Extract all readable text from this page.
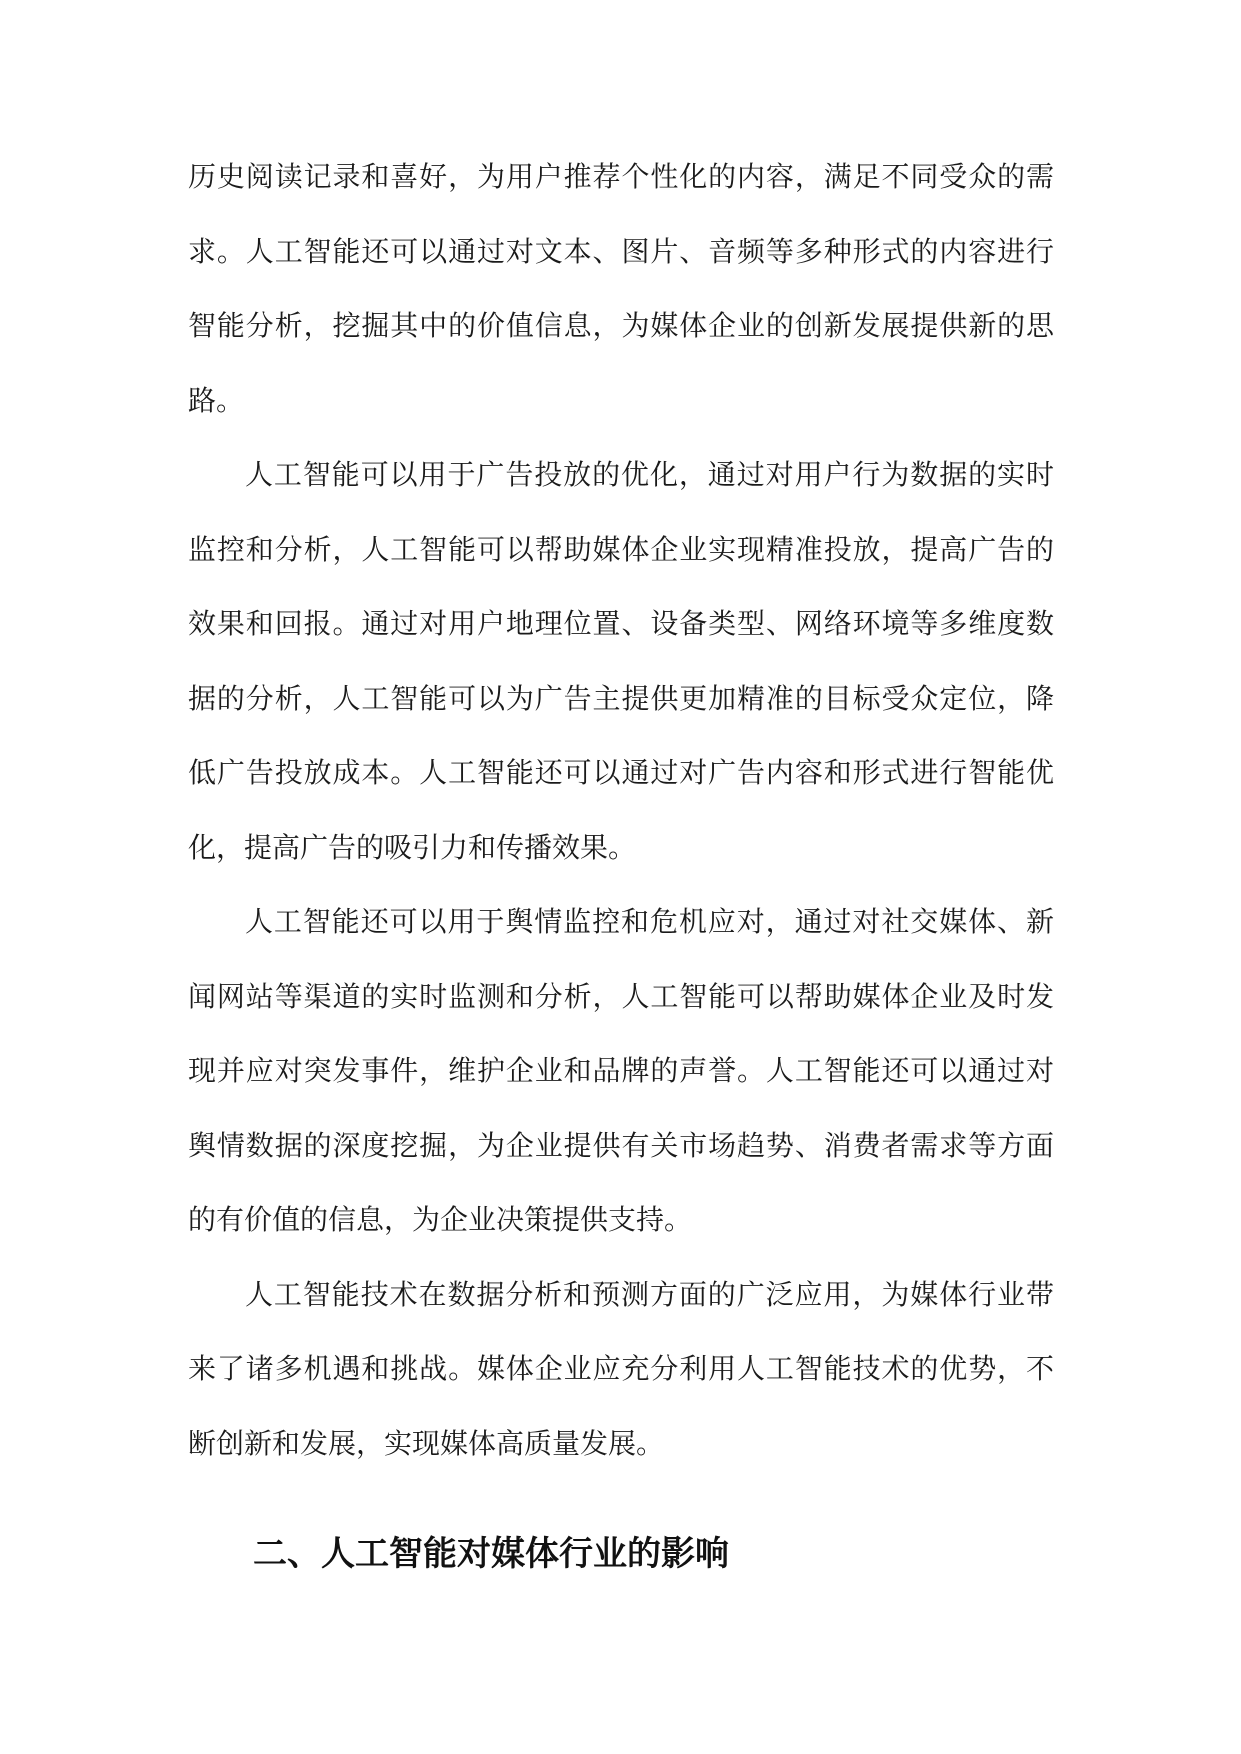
历史阅读记录和喜好，为用户推荐个性化的内容，满足不同受众的需求。人工智能还可以通过对文本、图片、音频等多种形式的内容进行智能分析，挖掘其中的价值信息，为媒体企业的创新发展提供新的思路。

人工智能可以用于广告投放的优化，通过对用户行为数据的实时监控和分析，人工智能可以帮助媒体企业实现精准投放，提高广告的效果和回报。通过对用户地理位置、设备类型、网络环境等多维度数据的分析，人工智能可以为广告主提供更加精准的目标受众定位，降低广告投放成本。人工智能还可以通过对广告内容和形式进行智能优化，提高广告的吸引力和传播效果。

人工智能还可以用于舆情监控和危机应对，通过对社交媒体、新闻网站等渠道的实时监测和分析，人工智能可以帮助媒体企业及时发现并应对突发事件，维护企业和品牌的声誉。人工智能还可以通过对舆情数据的深度挖掘，为企业提供有关市场趋势、消费者需求等方面的有价值的信息，为企业决策提供支持。

人工智能技术在数据分析和预测方面的广泛应用，为媒体行业带来了诸多机遇和挑战。媒体企业应充分利用人工智能技术的优势，不断创新和发展，实现媒体高质量发展。

二、人工智能对媒体行业的影响
